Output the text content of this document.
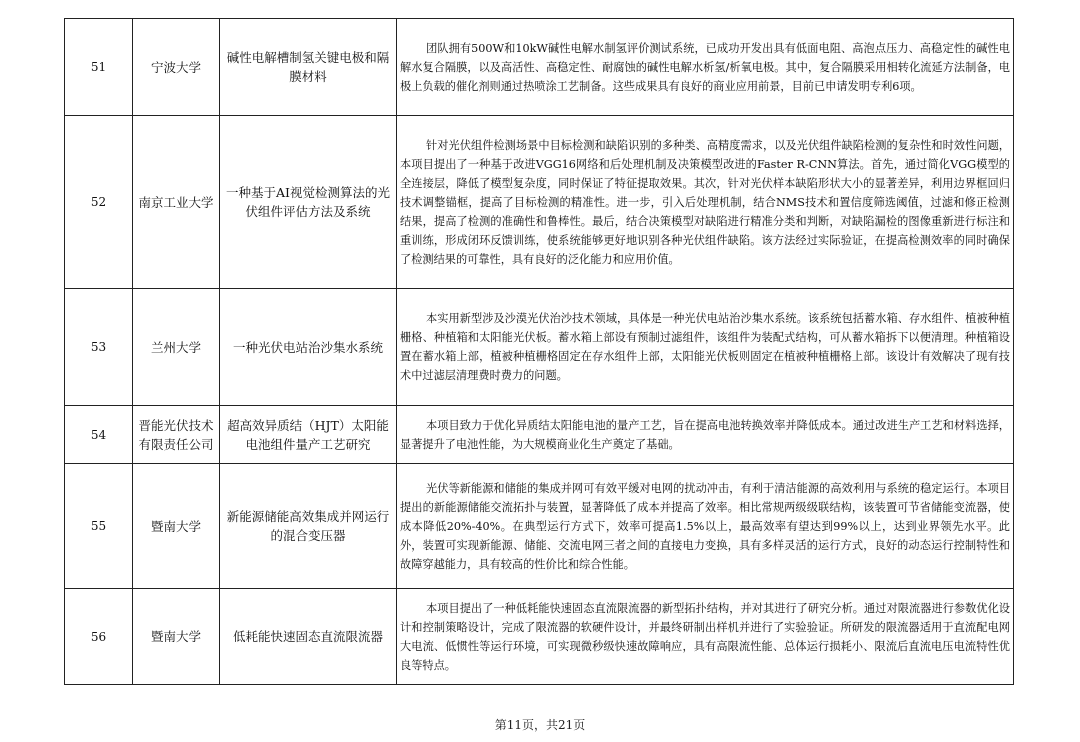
51	宁波大学	碱性电解槽制氢关键电极和隔膜材料	团队拥有500W和10kW碱性电解水制氢评价测试系统，已成功开发出具有低面电阻、高泡点压力、高稳定性的碱性电解水复合隔膜，以及高活性、高稳定性、耐腐蚀的碱性电解水析氢/析氧电极。其中，复合隔膜采用相转化流延方法制备，电极上负载的催化剂则通过热喷涂工艺制备。这些成果具有良好的商业应用前景，目前已申请发明专利6项。
52	南京工业大学	一种基于AI视觉检测算法的光伏组件评估方法及系统	针对光伏组件检测场景中目标检测和缺陷识别的多种类、高精度需求，以及光伏组件缺陷检测的复杂性和时效性问题，本项目提出了一种基于改进VGG16网络和后处理机制及决策模型改进的Faster R-CNN算法。首先，通过简化VGG模型的全连接层，降低了模型复杂度，同时保证了特征提取效果。其次，针对光伏样本缺陷形状大小的显著差异，利用边界框回归技术调整锚框，提高了目标检测的精准性。进一步，引入后处理机制，结合NMS技术和置信度筛选阈值，过滤和修正检测结果，提高了检测的准确性和鲁棒性。最后，结合决策模型对缺陷进行精准分类和判断，对缺陷漏检的图像重新进行标注和重训练，形成闭环反馈训练，使系统能够更好地识别各种光伏组件缺陷。该方法经过实际验证，在提高检测效率的同时确保了检测结果的可靠性，具有良好的泛化能力和应用价值。
53	兰州大学	一种光伏电站治沙集水系统	本实用新型涉及沙漠光伏治沙技术领域，具体是一种光伏电站治沙集水系统。该系统包括蓄水箱、存水组件、植被种植栅格、种植箱和太阳能光伏板。蓄水箱上部设有预制过滤组件，该组件为装配式结构，可从蓄水箱拆下以便清理。种植箱设置在蓄水箱上部，植被种植栅格固定在存水组件上部，太阳能光伏板则固定在植被种植栅格上部。该设计有效解决了现有技术中过滤层清理费时费力的问题。
54	晋能光伏技术有限责任公司	超高效异质结（HJT）太阳能电池组件量产工艺研究	本项目致力于优化异质结太阳能电池的量产工艺，旨在提高电池转换效率并降低成本。通过改进生产工艺和材料选择，显著提升了电池性能，为大规模商业化生产奠定了基础。
55	暨南大学	新能源储能高效集成并网运行的混合变压器	光伏等新能源和储能的集成并网可有效平缓对电网的扰动冲击，有利于清洁能源的高效利用与系统的稳定运行。本项目提出的新能源储能交流拓扑与装置，显著降低了成本并提高了效率。相比常规两级级联结构，该装置可节省储能变流器，使成本降低20%-40%。在典型运行方式下，效率可提高1.5%以上，最高效率有望达到99%以上，达到业界领先水平。此外，装置可实现新能源、储能、交流电网三者之间的直接电力变换，具有多样灵活的运行方式，良好的动态运行控制特性和故障穿越能力，具有较高的性价比和综合性能。
56	暨南大学	低耗能快速固态直流限流器	本项目提出了一种低耗能快速固态直流限流器的新型拓扑结构，并对其进行了研究分析。通过对限流器进行参数优化设计和控制策略设计，完成了限流器的软硬件设计，并最终研制出样机并进行了实验验证。所研发的限流器适用于直流配电网大电流、低惯性等运行环境，可实现微秒级快速故障响应，具有高限流性能、总体运行损耗小、限流后直流电压电流特性优良等特点。
第11页，共21页
